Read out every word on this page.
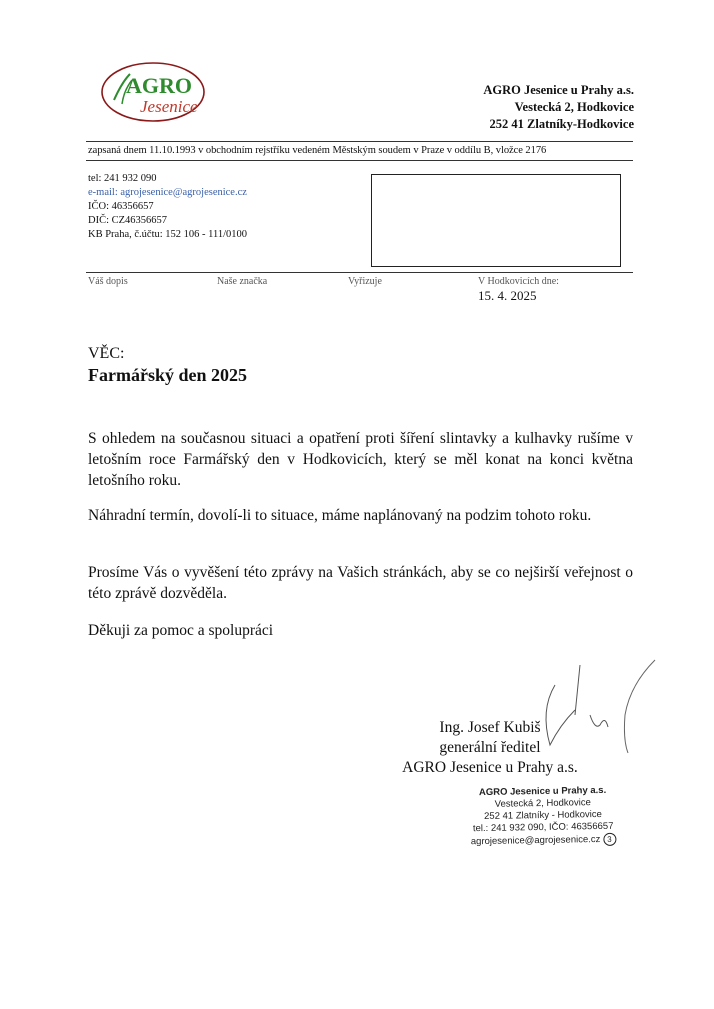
AGRO
Jesenice
AGRO Jesenice u Prahy a.s.
Vestecká 2, Hodkovice
252 41 Zlatníky-Hodkovice
zapsaná dnem 11.10.1993 v obchodním rejstříku vedeném Městským soudem v Praze v oddílu B, vložce 2176
tel: 241 932 090
e-mail: agrojesenice@agrojesenice.cz
IČO: 46356657
DIČ: CZ46356657
KB Praha, č.účtu: 152 106 - 111/0100
Váš dopis	Naše značka	Vyřizuje	V Hodkovicích dne:
15. 4. 2025
VĚC:
Farmářský den 2025
S ohledem na současnou situaci a opatření proti šíření slintavky a kulhavky rušíme v letošním roce Farmářský den v Hodkovicích, který se měl konat na konci května letošního roku.
Náhradní termín, dovolí-li to situace, máme naplánovaný na podzim tohoto roku.
Prosíme Vás o vyvěšení této zprávy na Vašich stránkách, aby se co nejširší veřejnost o této zprávě dozvěděla.
Děkuji za pomoc a spolupráci
Ing. Josef Kubiš
generální ředitel
AGRO Jesenice u Prahy a.s.
AGRO Jesenice u Prahy a.s.
Vestecká 2, Hodkovice
252 41 Zlatníky - Hodkovice
tel.: 241 932 090, IČO: 46356657
agrojesenice@agrojesenice.cz 3
